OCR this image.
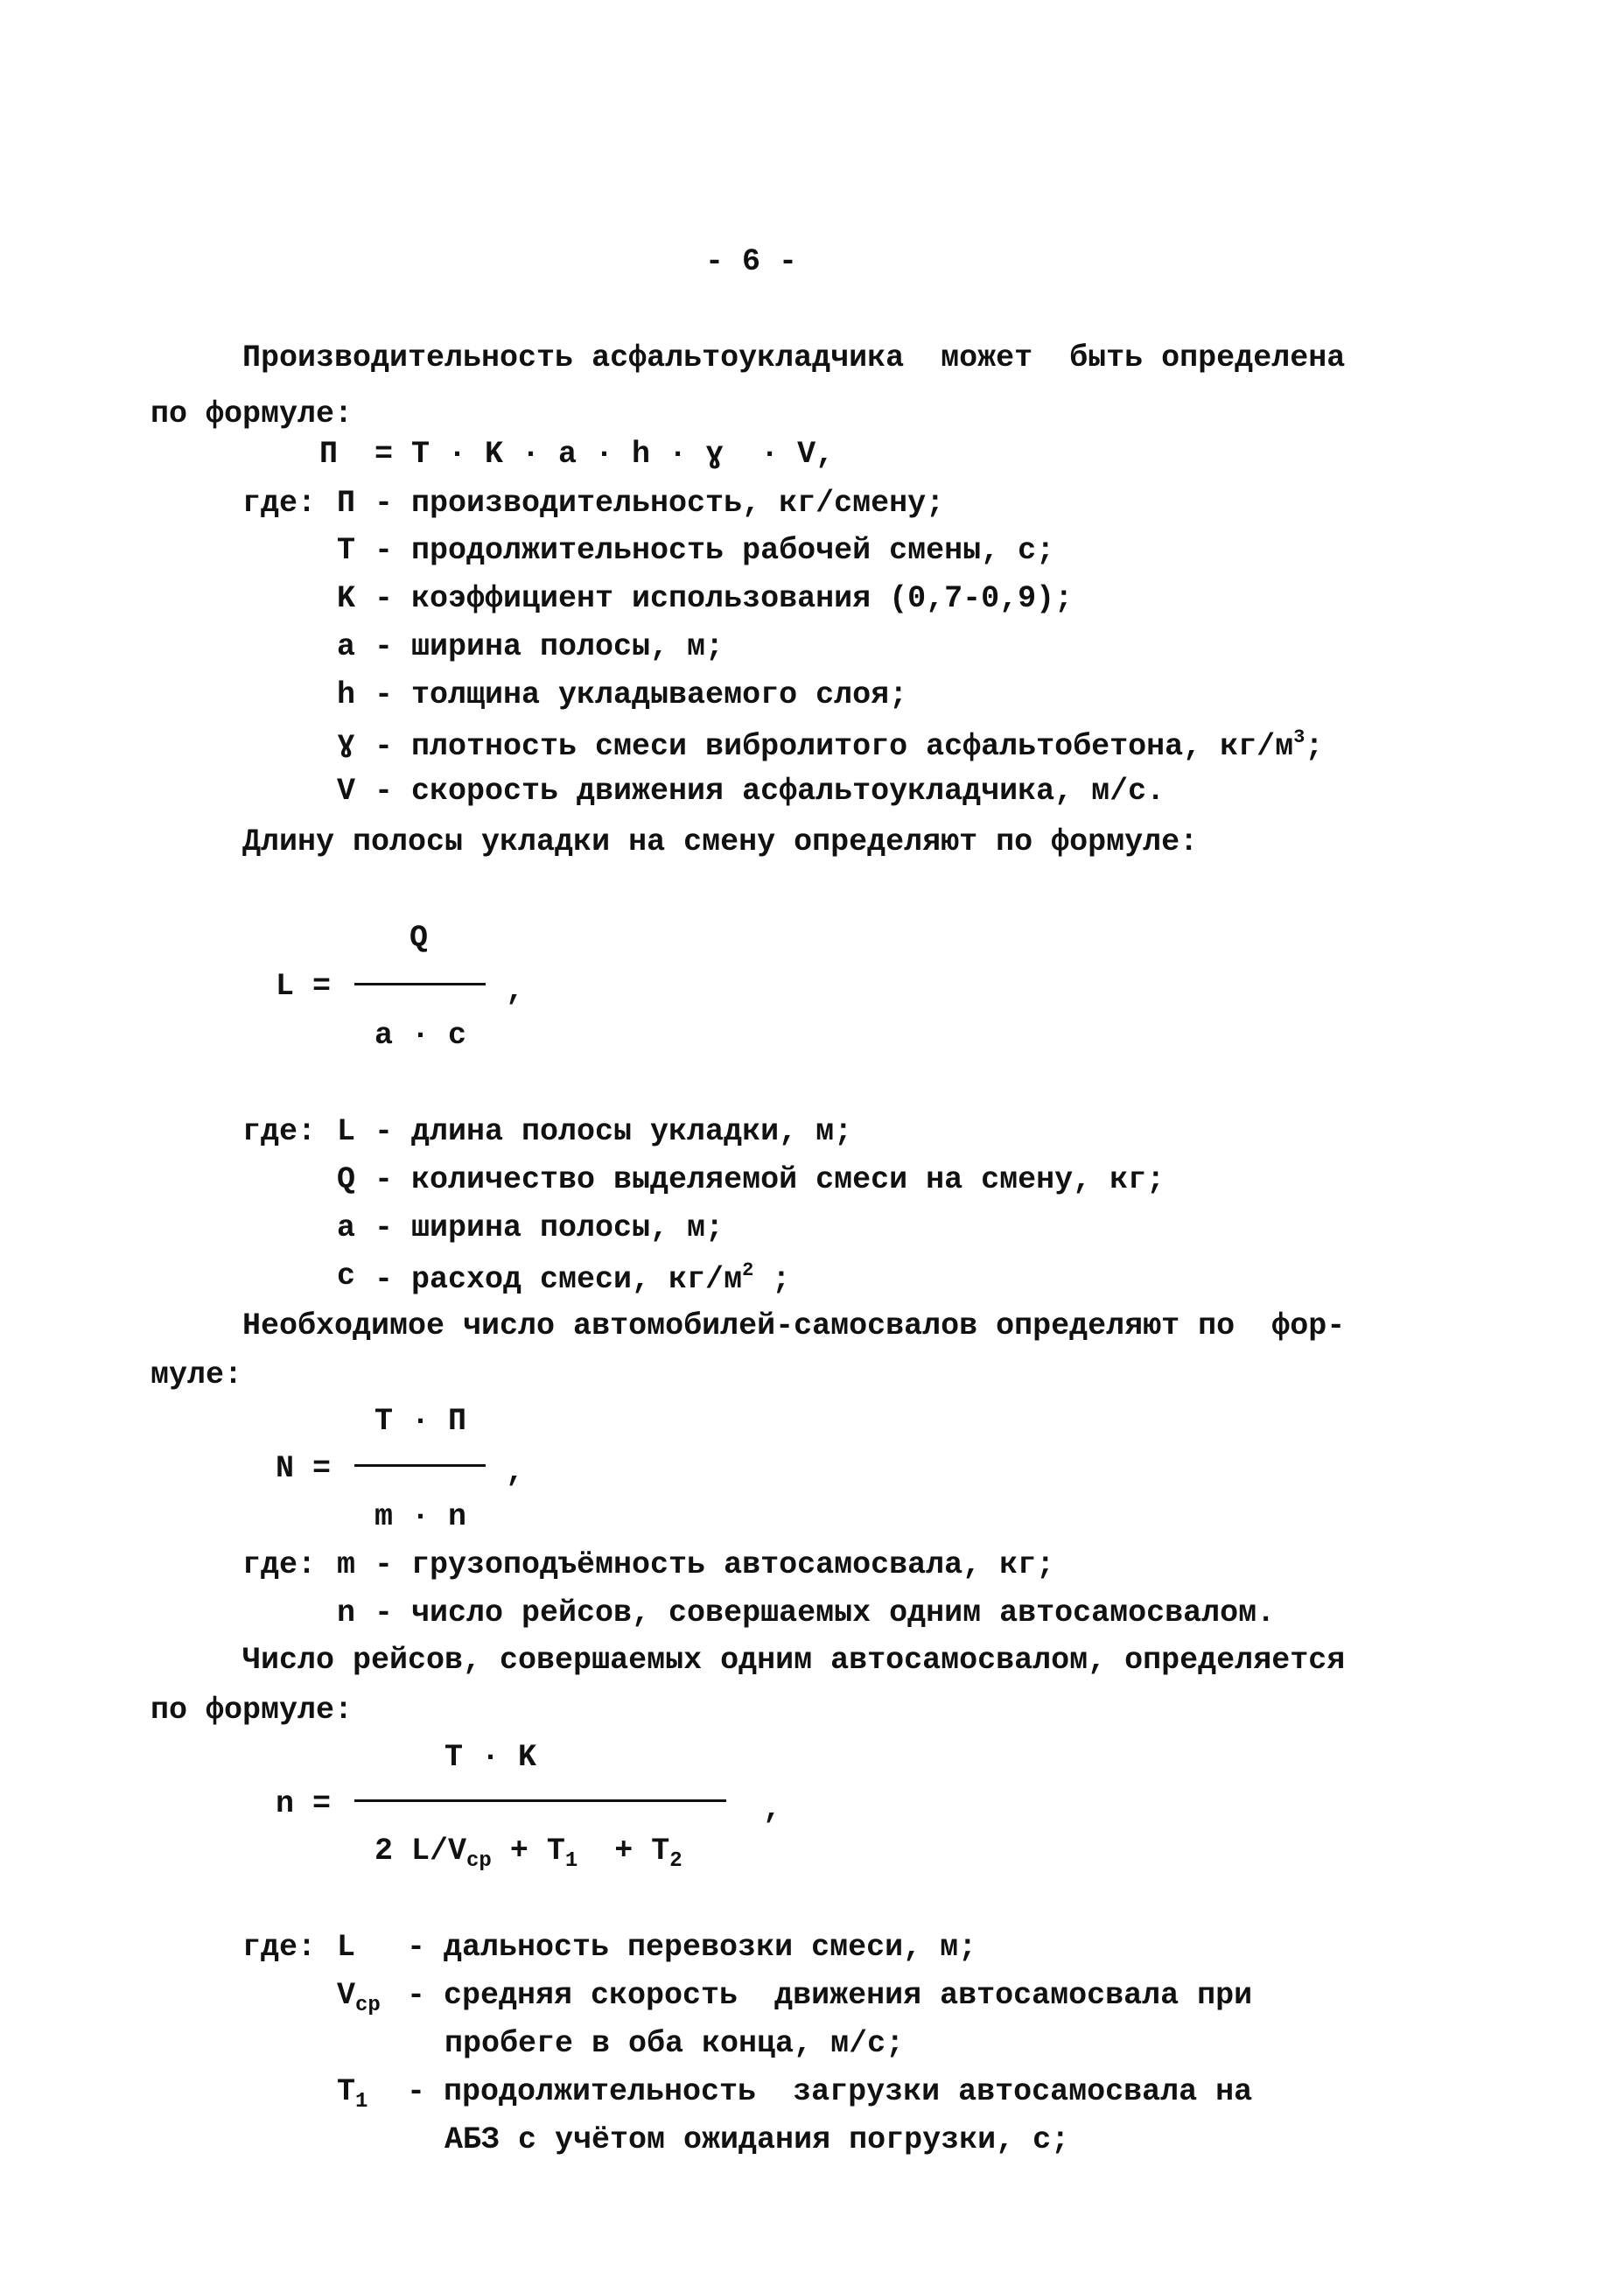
- 6 -
Производительность асфальтоукладчика  может  быть определена
по формуле:
П  = T · K · a · h · ɣ  · V,
где: П - производительность, кг/смену;
T - продолжительность рабочей смены, с;
K - коэффициент использования (0,7-0,9);
a - ширина полосы, м;
h - толщина укладываемого слоя;
ɣ - плотность смеси вибролитого асфальтобетона, $кг/м^3$;
V - скорость движения асфальтоукладчика, м/с.
Длину полосы укладки на смену определяют по формуле:
Q
L =	,
a · c
где: L - длина полосы укладки, м;
Q - количество выделяемой смеси на смену, кг;
a - ширина полосы, м;
c - расход смеси, $кг/м^2$ ;
Необходимое число автомобилей-самосвалов определяют по  фор-
муле:
T · П
N =	,
m · n
где: m - грузоподъёмность автосамосвала, кг;
n - число рейсов, совершаемых одним автосамосвалом.
Число рейсов, совершаемых одним автосамосвалом, определяется
по формуле:
T · K
n =	,
2 $L/V_{cp} + T_1 + T_2$
где: L - дальность перевозки смеси, м;
$V_{cp}$ - средняя скорость  движения автосамосвала при
пробеге в оба конца, м/с;
$T_1$ - продолжительность  загрузки автосамосвала на
АБЗ с учётом ожидания погрузки, с;
